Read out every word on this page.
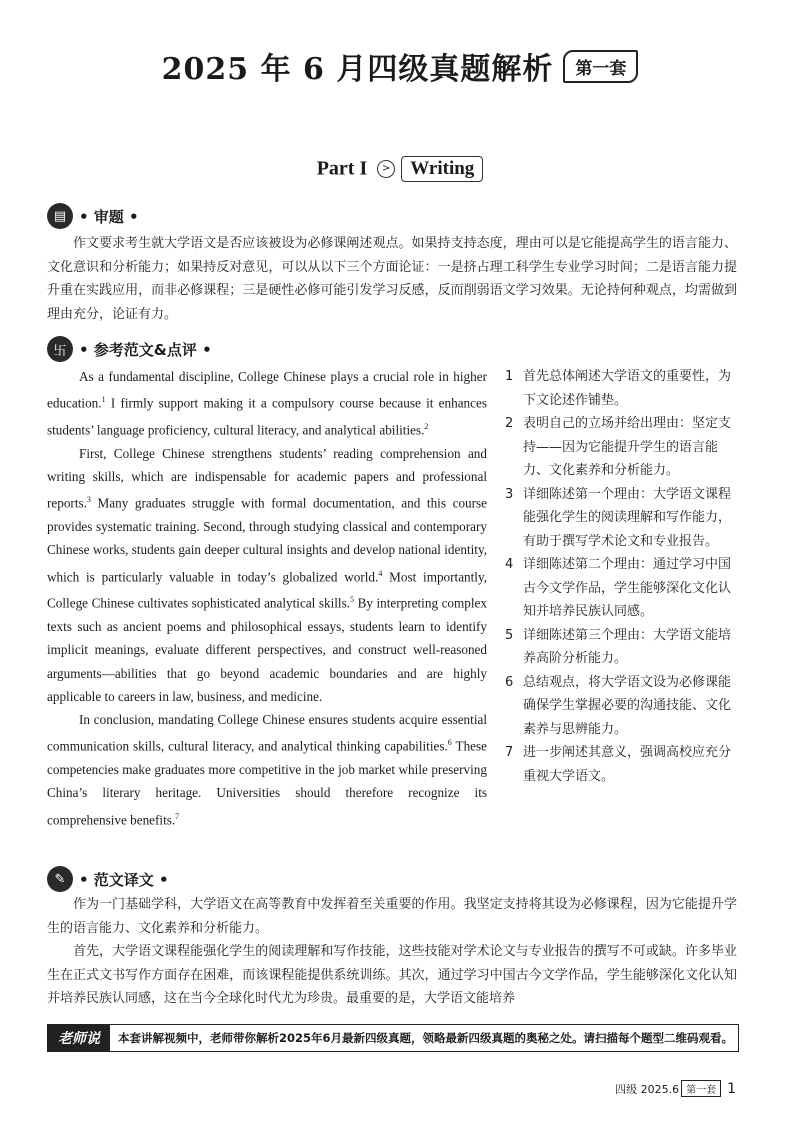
2025 年 6 月四级真题解析 第一套
Part I > Writing
▤ • 审题 •

作文要求考生就大学语文是否应该被设为必修课阐述观点。如果持支持态度，理由可以是它能提高学生的语言能力、文化意识和分析能力；如果持反对意见，可以从以下三个方面论证：一是挤占理工科学生专业学习时间；二是语言能力提升重在实践应用，而非必修课程；三是硬性必修可能引发学习反感，反而削弱语文学习效果。无论持何种观点，均需做到理由充分，论证有力。

卐 • 参考范文&点评 •

As a fundamental discipline, College Chinese plays a crucial role in higher education.$^1$ I firmly support making it a compulsory course because it enhances students’ language proficiency, cultural literacy, and analytical abilities.$^2$

First, College Chinese strengthens students’ reading comprehension and writing skills, which are indispensable for academic papers and professional reports.$^3$ Many graduates struggle with formal documentation, and this course provides systematic training. Second, through studying classical and contemporary Chinese works, students gain deeper cultural insights and develop national identity, which is particularly valuable in today’s globalized world.$^4$ Most importantly, College Chinese cultivates sophisticated analytical skills.$^5$ By interpreting complex texts such as ancient poems and philosophical essays, students learn to identify implicit meanings, evaluate different perspectives, and construct well-reasoned arguments—abilities that go beyond academic boundaries and are highly applicable to careers in law, business, and medicine.

In conclusion, mandating College Chinese ensures students acquire essential communication skills, cultural literacy, and analytical thinking capabilities.$^6$ These competencies make graduates more competitive in the job market while preserving China’s literary heritage. Universities should therefore recognize its comprehensive benefits.$^7$

1 首先总体阐述大学语文的重要性，为下文论述作铺垫。
2 表明自己的立场并给出理由：坚定支持——因为它能提升学生的语言能力、文化素养和分析能力。
3 详细陈述第一个理由：大学语文课程能强化学生的阅读理解和写作能力，有助于撰写学术论文和专业报告。
4 详细陈述第二个理由：通过学习中国古今文学作品，学生能够深化文化认知并培养民族认同感。
5 详细陈述第三个理由：大学语文能培养高阶分析能力。
6 总结观点，将大学语文设为必修课能确保学生掌握必要的沟通技能、文化素养与思辨能力。
7 进一步阐述其意义，强调高校应充分重视大学语文。
✎ • 范文译文 •

作为一门基础学科，大学语文在高等教育中发挥着至关重要的作用。我坚定支持将其设为必修课程，因为它能提升学生的语言能力、文化素养和分析能力。

首先，大学语文课程能强化学生的阅读理解和写作技能，这些技能对学术论文与专业报告的撰写不可或缺。许多毕业生在正式文书写作方面存在困难，而该课程能提供系统训练。其次，通过学习中国古今文学作品，学生能够深化文化认知并培养民族认同感，这在当今全球化时代尤为珍贵。最重要的是，大学语文能培养

老师说	本套讲解视频中，老师带你解析2025年6月最新四级真题，领略最新四级真题的奥秘之处。请扫描每个题型二维码观看。
四级 2025.6 第一套 1
